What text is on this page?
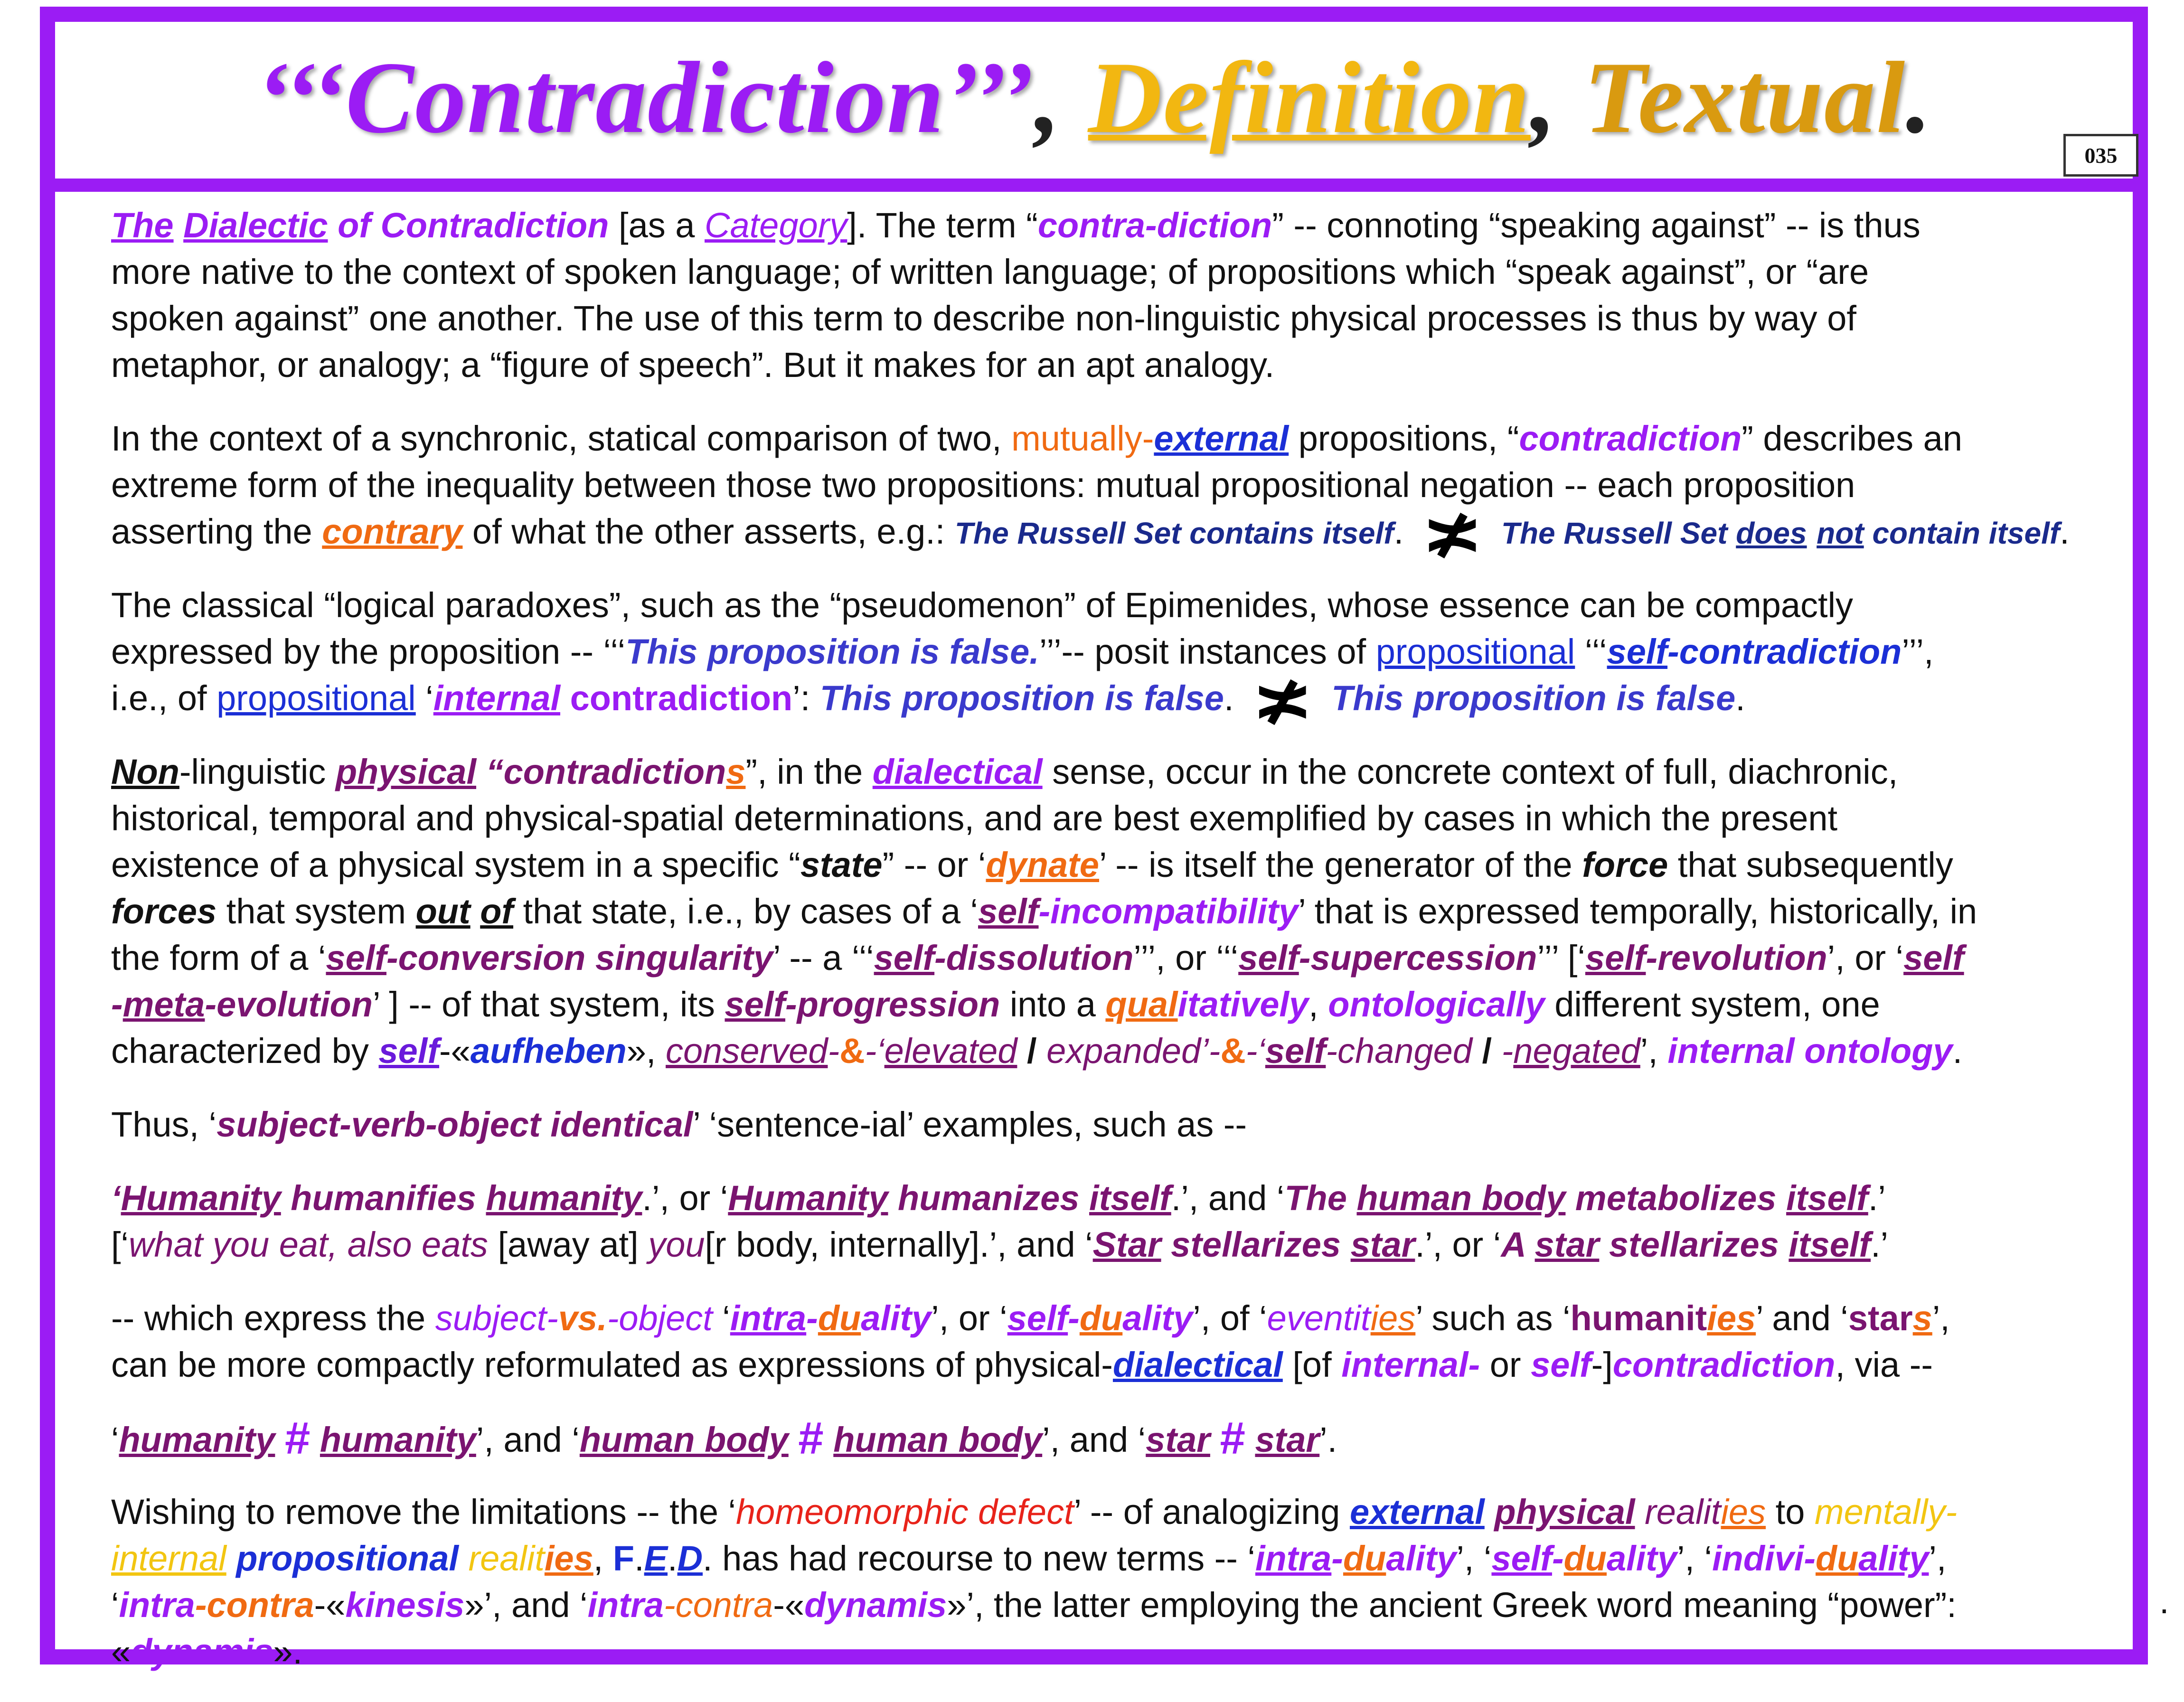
‘‘‘Contradiction’’’, Definition, Textual.
035
The Dialectic of Contradiction [as a Category]. The term “contra-diction” -- connoting “speaking against” -- is thus
more native to the context of spoken language; of written language; of propositions which “speak against”, or “are
spoken against” one another. The use of this term to describe non-linguistic physical processes is thus by way of
metaphor, or analogy; a “figure of speech”. But it makes for an apt analogy.
In the context of a synchronic, statical comparison of two, mutually-external propositions, “contradiction” describes an
extreme form of the inequality between those two propositions: mutual propositional negation -- each proposition
asserting the contrary of what the other asserts, e.g.: The Russell Set contains itself. ≭ The Russell Set does not contain itself.
The classical “logical paradoxes”, such as the “pseudomenon” of Epimenides, whose essence can be compactly
expressed by the proposition -- ‘‘‘This proposition is false.’’’-- posit instances of propositional ‘‘‘self-contradiction’’’,
i.e., of propositional ‘internal contradiction’: This proposition is false. ≭ This proposition is false.
Non-linguistic physical “contradictions”, in the dialectical sense, occur in the concrete context of full, diachronic,
historical, temporal and physical-spatial determinations, and are best exemplified by cases in which the present
existence of a physical system in a specific “state” -- or ‘dynate’ -- is itself the generator of the force that subsequently
forces that system out of that state, i.e., by cases of a ‘self-incompatibility’ that is expressed temporally, historically, in
the form of a ‘self-conversion singularity’ -- a ‘‘‘self-dissolution’’’, or ‘‘‘self-supercession’’’ [‘self-revolution’, or ‘self
-meta-evolution’ ] -- of that system, its self-progression into a qualitatively, ontologically different system, one
characterized by self-«aufheben», conserved-&-‘elevated / expanded’-&-‘self-changed / -negated’, internal ontology.
Thus, ‘subject-verb-object identical’ ‘sentence-ial’ examples, such as --
‘Humanity humanifies humanity.’, or ‘Humanity humanizes itself.’, and ‘The human body metabolizes itself.’
[‘what you eat, also eats [away at] you[r body, internally].’, and ‘Star stellarizes star.’, or ‘A star stellarizes itself.’
-- which express the subject-vs.-object ‘intra-duality’, or ‘self-duality’, of ‘eventities’ such as ‘humanities’ and ‘stars’,
can be more compactly reformulated as expressions of physical-dialectical [of internal- or self-]contradiction, via --
‘humanity # humanity’, and ‘human body # human body’, and ‘star # star’.
Wishing to remove the limitations -- the ‘homeomorphic defect’ -- of analogizing external physical realities to mentally-
internal propositional realities, F.E.D. has had recourse to new terms -- ‘intra-duality’, ‘self-duality’, ‘indivi-duality’,
‘intra-contra-«kinesis»’, and ‘intra-contra-«dynamis»’, the latter employing the ancient Greek word meaning “power”:
«dynamis».
.
